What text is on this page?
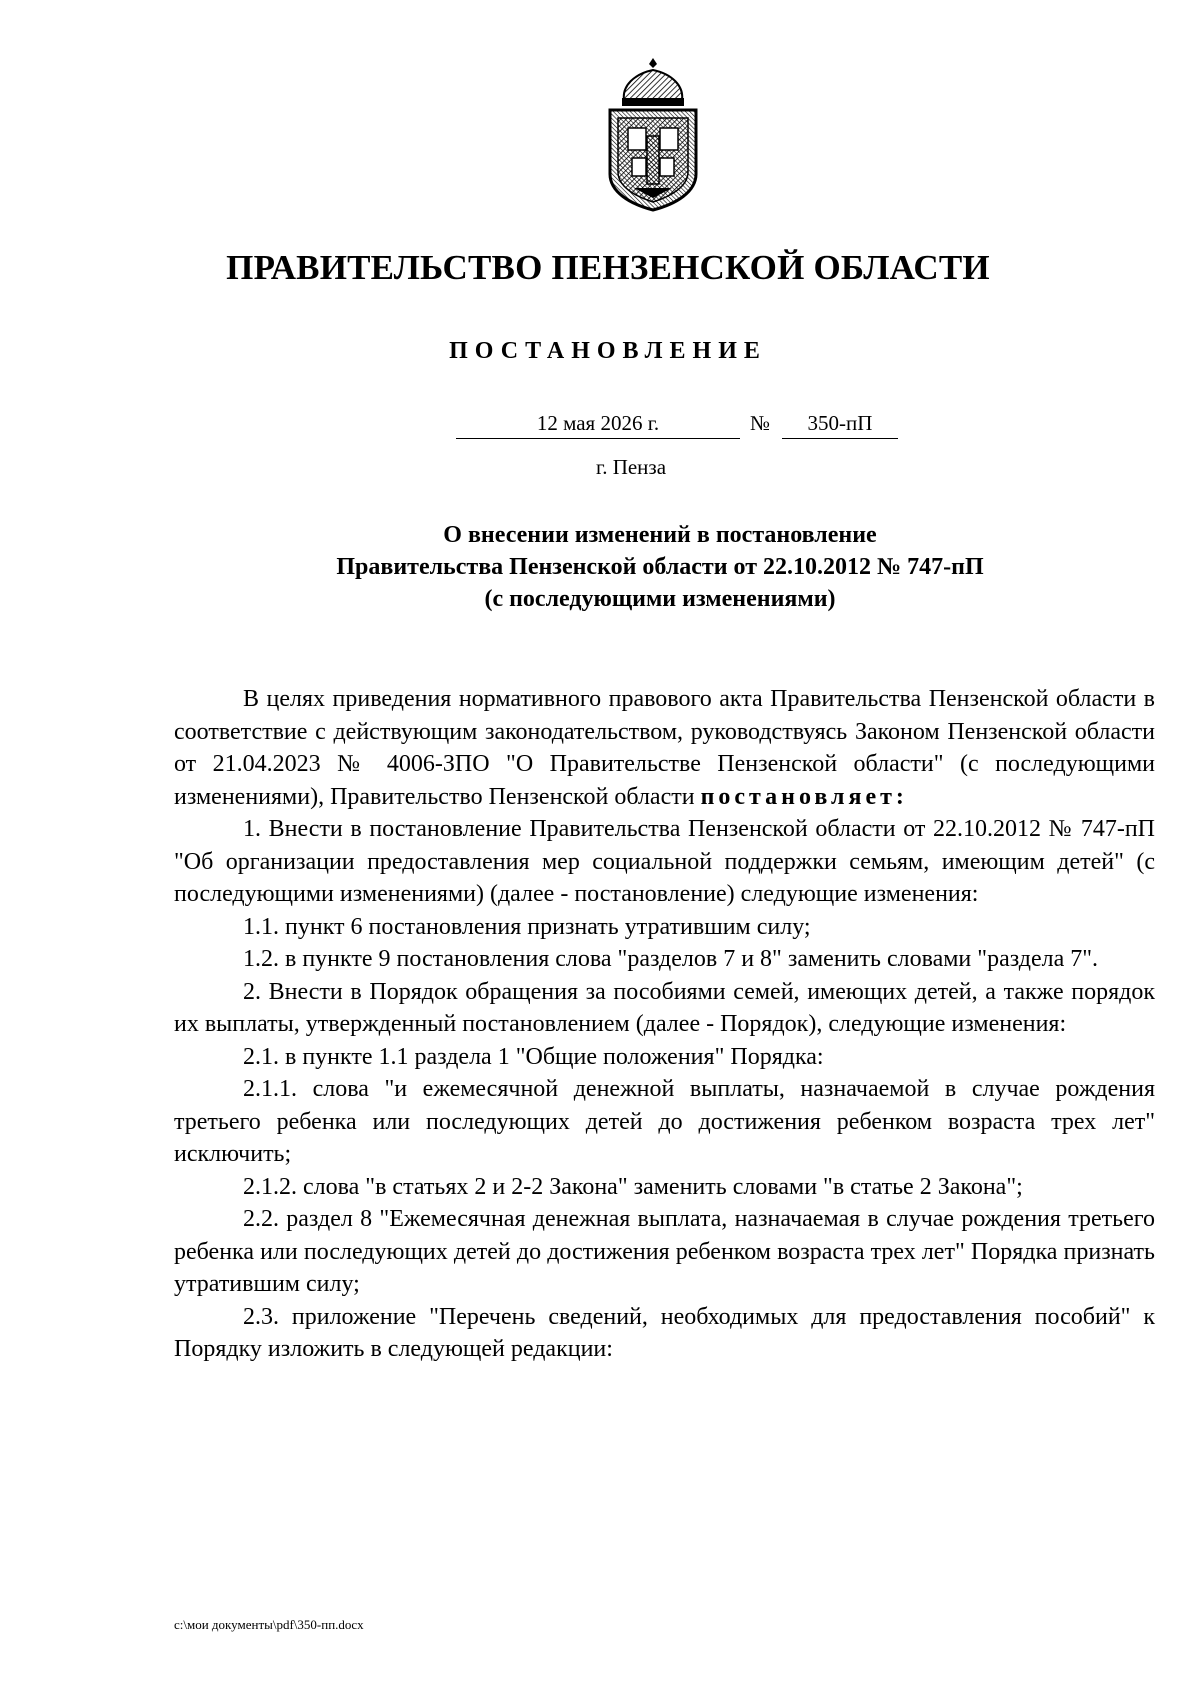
ПРАВИТЕЛЬСТВО ПЕНЗЕНСКОЙ ОБЛАСТИ
ПОСТАНОВЛЕНИЕ
12 мая 2026 г.	№	350-пП
г. Пенза
О внесении изменений в постановление
Правительства Пензенской области от 22.10.2012 № 747-пП
(с последующими изменениями)

В целях приведения нормативного правового акта Правительства Пензенской области в соответствие с действующим законодательством, руководствуясь Законом Пензенской области от 21.04.2023 № 4006-ЗПО "О Правительстве Пензенской области" (с последующими изменениями), Правительство Пензенской области постановляет:

1. Внести в постановление Правительства Пензенской области от 22.10.2012 № 747-пП "Об организации предоставления мер социальной поддержки семьям, имеющим детей" (с последующими изменениями) (далее - постановление) следующие изменения:

1.1. пункт 6 постановления признать утратившим силу;

1.2. в пункте 9 постановления слова "разделов 7 и 8" заменить словами "раздела 7".

2. Внести в Порядок обращения за пособиями семей, имеющих детей, а также порядок их выплаты, утвержденный постановлением (далее - Порядок), следующие изменения:

2.1. в пункте 1.1 раздела 1 "Общие положения" Порядка:

2.1.1. слова "и ежемесячной денежной выплаты, назначаемой в случае рождения третьего ребенка или последующих детей до достижения ребенком возраста трех лет" исключить;

2.1.2. слова "в статьях 2 и 2-2 Закона" заменить словами "в статье 2 Закона";

2.2. раздел 8 "Ежемесячная денежная выплата, назначаемая в случае рождения третьего ребенка или последующих детей до достижения ребенком возраста трех лет" Порядка признать утратившим силу;

2.3. приложение "Перечень сведений, необходимых для предоставления пособий" к Порядку изложить в следующей редакции:

c:\мои документы\pdf\350-пп.docx
